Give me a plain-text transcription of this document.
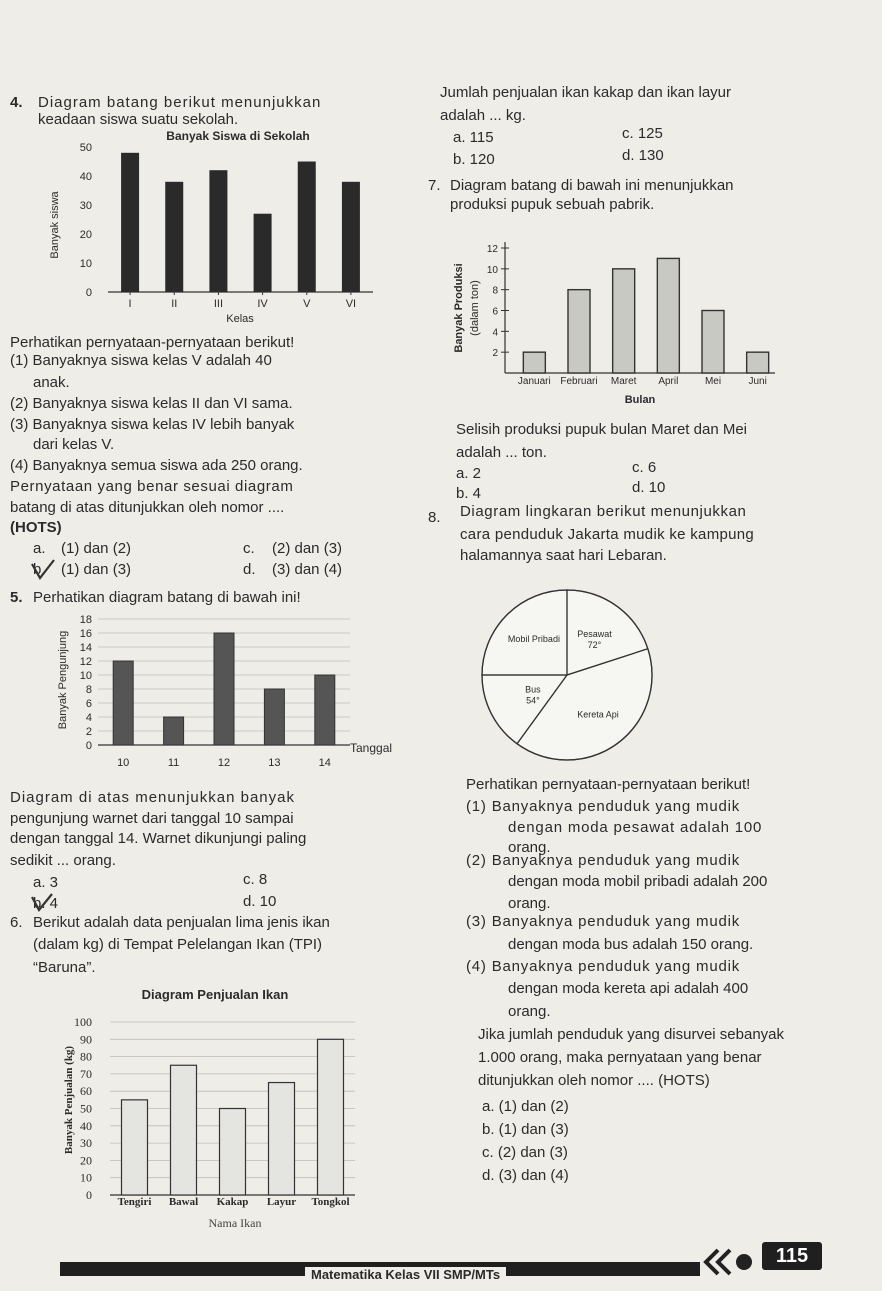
4. Diagram batang berikut menunjukkan
keadaan siswa suatu sekolah.
Banyak Siswa di Sekolah
Banyak siswa
0
10
20
30
40
50
I	II	III	IV	V	VI
Kelas
Perhatikan pernyataan-pernyataan berikut!
(1) Banyaknya siswa kelas V adalah 40
anak.
(2) Banyaknya siswa kelas II dan VI sama.
(3) Banyaknya siswa kelas IV lebih banyak
dari kelas V.
(4) Banyaknya semua siswa ada 250 orang.
Pernyataan yang benar sesuai diagram
batang di atas ditunjukkan oleh nomor ....
(HOTS)
a. (1) dan (2)	c. (2) dan (3)
b. (1) dan (3)	d. (3) dan (4)
5. Perhatikan diagram batang di bawah ini!
Banyak Pengunjung
0
2
4
6
8
10
12
14
16
18
10	11	12	13	14
Tanggal
Diagram di atas menunjukkan banyak
pengunjung warnet dari tanggal 10 sampai
dengan tanggal 14. Warnet dikunjungi paling
sedikit ... orang.
a. 3	c. 8
b. 4	d. 10
6. Berikut adalah data penjualan lima jenis ikan
(dalam kg) di Tempat Pelelangan Ikan (TPI)
“Baruna”.
Diagram Penjualan Ikan
Banyak Penjualan (kg)
0
10
20
30
40
50
60
70
80
90
100
Tengiri Bawal Kakap Layur Tongkol
Nama Ikan
Jumlah penjualan ikan kakap dan ikan layur
adalah ... kg.
a. 115	c. 125
b. 120	d. 130
7. Diagram batang di bawah ini menunjukkan
produksi pupuk sebuah pabrik.
Banyak Produksi (dalam ton)
2
4
6
8
10
12
Januari Februari Maret April	Mei	Juni
Bulan
Selisih produksi pupuk bulan Maret dan Mei
adalah ... ton.
a. 2	c. 6
b. 4	d. 10
8. Diagram lingkaran berikut menunjukkan
cara penduduk Jakarta mudik ke kampung
halamannya saat hari Lebaran.
Pesawat
72°
Kereta Api
Bus
54°
Mobil Pribadi
Perhatikan pernyataan-pernyataan berikut!
(1) Banyaknya penduduk yang mudik
dengan moda pesawat adalah 100
orang.
(2) Banyaknya penduduk yang mudik
dengan moda mobil pribadi adalah 200
orang.
(3) Banyaknya penduduk yang mudik
dengan moda bus adalah 150 orang.
(4) Banyaknya penduduk yang mudik
dengan moda kereta api adalah 400
orang.
Jika jumlah penduduk yang disurvei sebanyak
1.000 orang, maka pernyataan yang benar
ditunjukkan oleh nomor .... (HOTS)
a. (1) dan (2)
b. (1) dan (3)
c. (2) dan (3)
d. (3) dan (4)
Matematika Kelas VII SMP/MTs
115
